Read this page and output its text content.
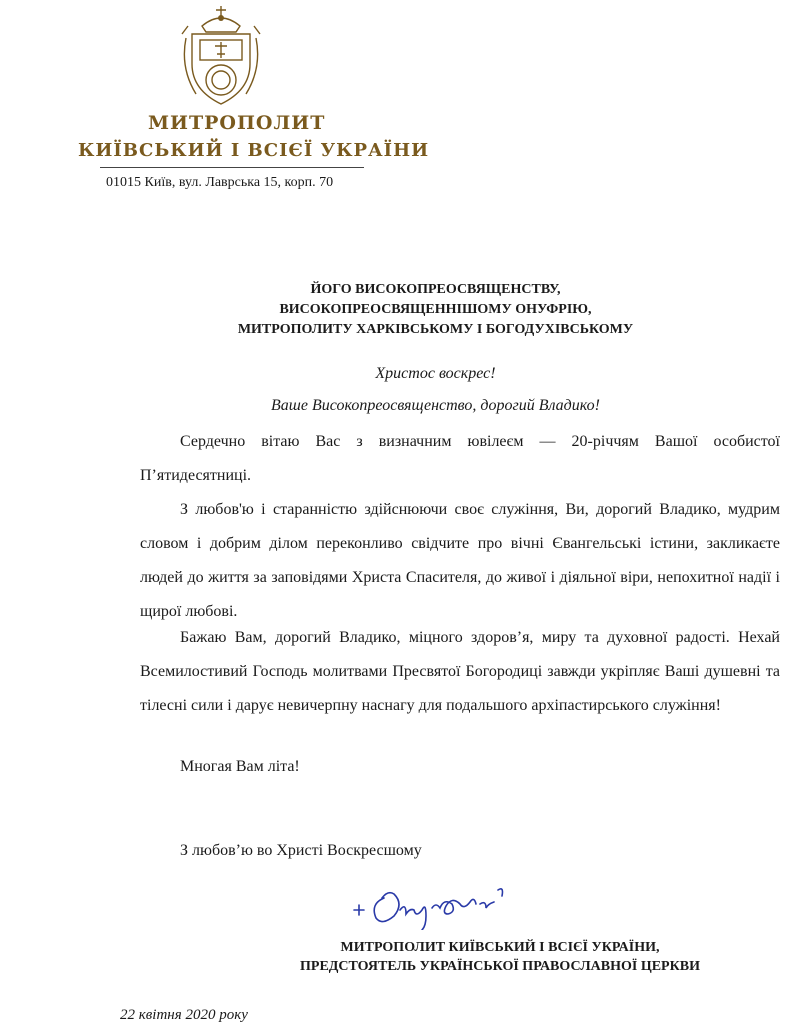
МИТРОПОЛИТ
КИЇВСЬКИЙ І ВСІЄЇ УКРАЇНИ
01015 Київ, вул. Лаврська 15, корп. 70
ЙОГО ВИСОКОПРЕОСВЯЩЕНСТВУ,
ВИСОКОПРЕОСВЯЩЕННІШОМУ ОНУФРІЮ,
МИТРОПОЛИТУ ХАРКІВСЬКОМУ І БОГОДУХІВСЬКОМУ
Христос воскрес!
Ваше Високопреосвященство, дорогий Владико!
Сердечно вітаю Вас з визначним ювілеєм — 20-річчям Вашої особистої П’ятидесятниці.
З любов'ю і старанністю здійснюючи своє служіння, Ви, дорогий Владико, мудрим словом і добрим ділом переконливо свідчите про вічні Євангельські істини, закликаєте людей до життя за заповідями Христа Спасителя, до живої і діяльної віри, непохитної надії і щирої любові.
Бажаю Вам, дорогий Владико, міцного здоров’я, миру та духовної радості. Нехай Всемилостивий Господь молитвами Пресвятої Богородиці завжди укріпляє Ваші душевні та тілесні сили і дарує невичерпну наснагу для подальшого архіпастирського служіння!
Многая Вам літа!
З любов’ю во Христі Воскресшому
МИТРОПОЛИТ КИЇВСЬКИЙ І ВСІЄЇ УКРАЇНИ,
ПРЕДСТОЯТЕЛЬ УКРАЇНСЬКОЇ ПРАВОСЛАВНОЇ ЦЕРКВИ
22 квітня 2020 року
